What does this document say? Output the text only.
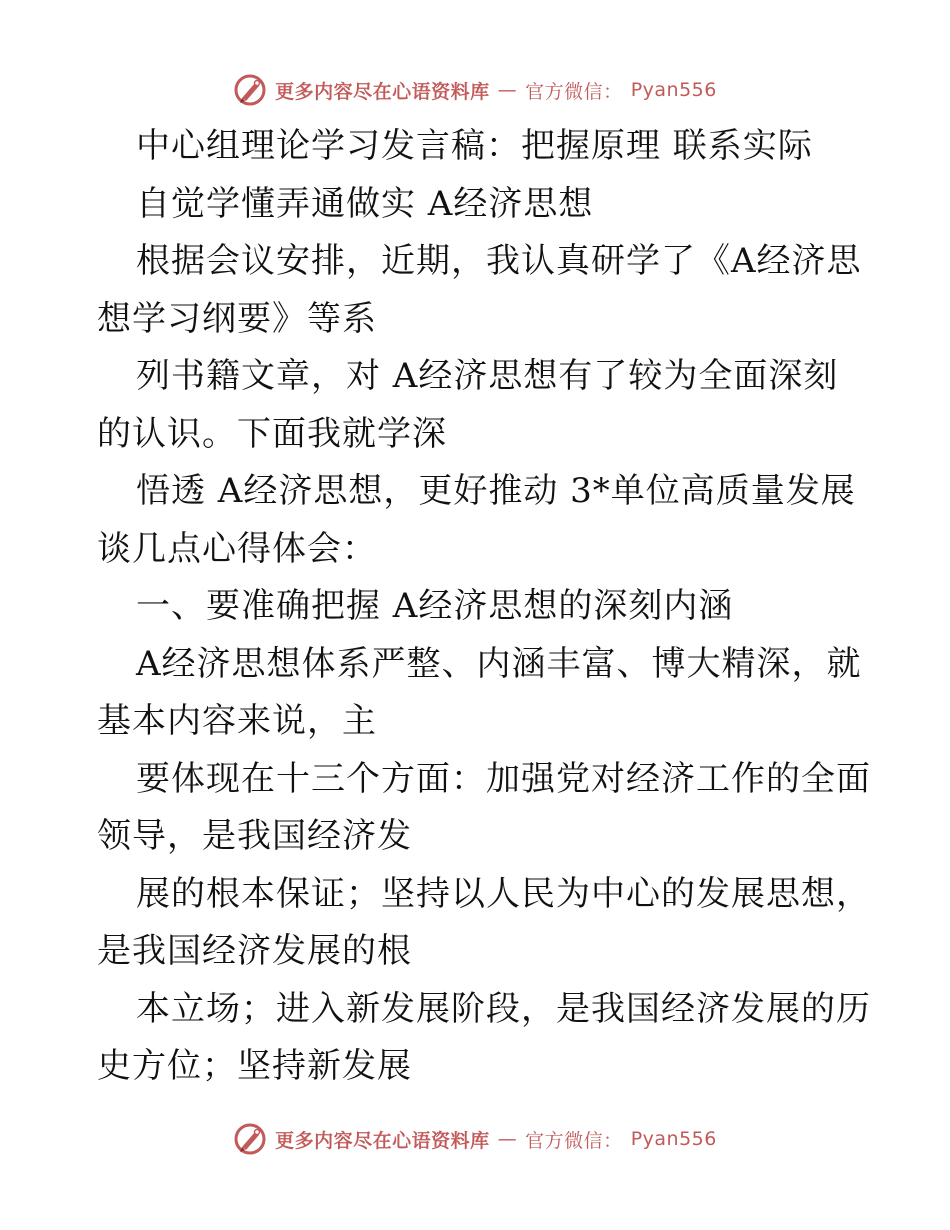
更多内容尽在心语资料库 — 官方微信： Pyan556
中心组理论学习发言稿：把握原理 联系实际
自觉学懂弄通做实 A经济思想
根据会议安排，近期，我认真研学了《A经济思
想学习纲要》等系
列书籍文章，对 A经济思想有了较为全面深刻
的认识。下面我就学深
悟透 A经济思想，更好推动 3*单位高质量发展
谈几点心得体会：
一、要准确把握 A经济思想的深刻内涵
A经济思想体系严整、内涵丰富、博大精深，就
基本内容来说，主
要体现在十三个方面：加强党对经济工作的全面
领导，是我国经济发
展的根本保证；坚持以人民为中心的发展思想，
是我国经济发展的根
本立场；进入新发展阶段，是我国经济发展的历
史方位；坚持新发展
更多内容尽在心语资料库 — 官方微信： Pyan556
